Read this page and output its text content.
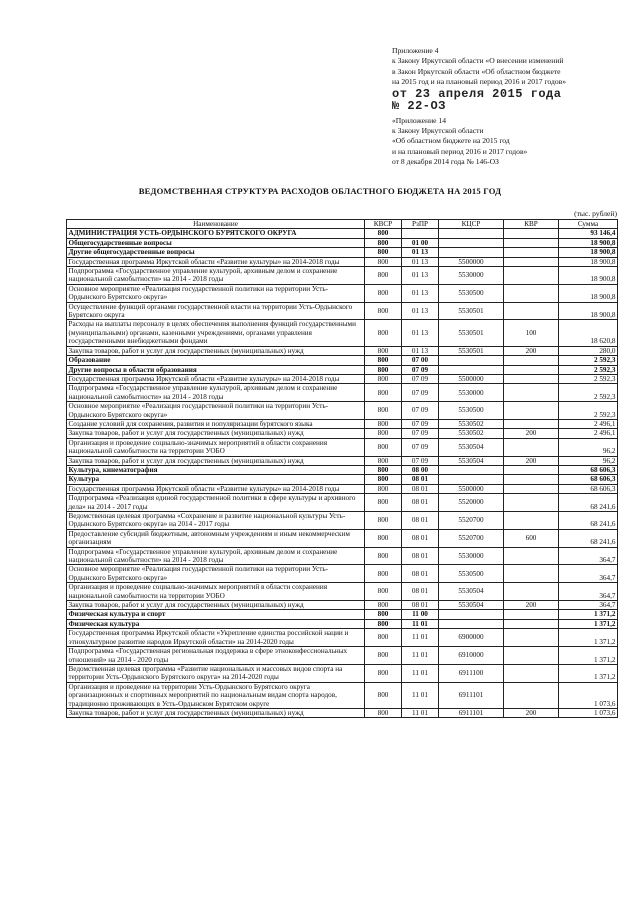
Приложение 4
к Закону Иркутской области «О внесении изменений
в Закон Иркутской области «Об областном бюджете
на 2015 год и на плановый период 2016 и 2017 годов»
от 23 апреля 2015 года
№ 22-ОЗ
«Приложение 14
к Закону Иркутской области
«Об областном бюджете на 2015 год
и на плановый период 2016 и 2017 годов»
от 8 декабря 2014 года № 146-ОЗ
ВЕДОМСТВЕННАЯ СТРУКТУРА РАСХОДОВ ОБЛАСТНОГО БЮДЖЕТА НА 2015 ГОД
(тыс. рублей)
Наименование	КВСР	РзПР	КЦСР	КВР	Сумма
АДМИНИСТРАЦИЯ УСТЬ-ОРДЫНСКОГО БУРЯТСКОГО ОКРУГА	800				93 146,4
Общегосударственные вопросы	800	01 00			18 900,8
Другие общегосударственные вопросы	800	01 13			18 900,8
Государственная программа Иркутской области «Развитие культуры» на 2014-2018 годы	800	01 13	5500000		18 900,8
Подпрограмма «Государственное управление культурой, архивным делом и сохранение национальной самобытности» на 2014 - 2018 годы	800	01 13	5530000		18 900,8
Основное мероприятие «Реализация государственной политики на территории Усть-Ордынского Бурятского округа»	800	01 13	5530500		18 900,8
Осуществление функций органами государственной власти на территории Усть-Ордынского Бурятского округа	800	01 13	5530501		18 900,8
Расходы на выплаты персоналу в целях обеспечения выполнения функций государственными (муниципальными) органами, казенными учреждениями, органами управления государственными внебюджетными фондами	800	01 13	5530501	100	18 620,8
Закупка товаров, работ и услуг для государственных (муниципальных) нужд	800	01 13	5530501	200	280,0
Образование	800	07 00			2 592,3
Другие вопросы в области образования	800	07 09			2 592,3
Государственная программа Иркутской области «Развитие культуры» на 2014-2018 годы	800	07 09	5500000		2 592,3
Подпрограмма «Государственное управление культурой, архивным делом и сохранение национальной самобытности» на 2014 - 2018 годы	800	07 09	5530000		2 592,3
Основное мероприятие «Реализация государственной политики на территории Усть-Ордынского Бурятского округа»	800	07 09	5530500		2 592,3
Создание условий для сохранения, развития и популяризации бурятского языка	800	07 09	5530502		2 496,1
Закупка товаров, работ и услуг для государственных (муниципальных) нужд	800	07 09	5530502	200	2 496,1
Организация и проведение социально-значимых мероприятий в области сохранения национальной самобытности на территории УОБО	800	07 09	5530504		96,2
Закупка товаров, работ и услуг для государственных (муниципальных) нужд	800	07 09	5530504	200	96,2
Культура, кинематография	800	08 00			68 606,3
Культура	800	08 01			68 606,3
Государственная программа Иркутской области «Развитие культуры» на 2014-2018 годы	800	08 01	5500000		68 606,3
Подпрограмма «Реализация единой государственной политики в сфере культуры и архивного дела» на 2014 - 2017 годы	800	08 01	5520000		68 241,6
Ведомственная целевая программа «Сохранение и развитие национальной культуры Усть-Ордынского Бурятского округа» на 2014 - 2017 годы	800	08 01	5520700		68 241,6
Предоставление субсидий бюджетным, автономным учреждениям и иным некоммерческим организациям	800	08 01	5520700	600	68 241,6
Подпрограмма «Государственное управление культурой, архивным делом и сохранение национальной самобытности» на 2014 - 2018 годы	800	08 01	5530000		364,7
Основное мероприятие «Реализация государственной политики на территории Усть-Ордынского Бурятского округа»	800	08 01	5530500		364,7
Организация и проведение социально-значимых мероприятий в области сохранения национальной самобытности на территории УОБО	800	08 01	5530504		364,7
Закупка товаров, работ и услуг для государственных (муниципальных) нужд	800	08 01	5530504	200	364,7
Физическая культура и спорт	800	11 00			1 371,2
Физическая культура	800	11 01			1 371,2
Государственная программа Иркутской области «Укрепление единства российской нации и этнокультурное развитие народов Иркутской области» на 2014-2020 годы	800	11 01	6900000		1 371,2
Подпрограмма «Государственная региональная поддержка в сфере этноконфессиональных отношений» на 2014 - 2020 годы	800	11 01	6910000		1 371,2
Ведомственная целевая программа «Развитие национальных и массовых видов спорта на территории Усть-Ордынского Бурятского округа» на 2014-2020 годы	800	11 01	6911100		1 371,2
Организация и проведение на территории Усть-Ордынского Бурятского округа организационных и спортивных мероприятий по национальным видам спорта народов, традиционно проживающих в Усть-Ордынском Бурятском округе	800	11 01	6911101		1 073,6
Закупка товаров, работ и услуг для государственных (муниципальных) нужд	800	11 01	6911101	200	1 073,6
